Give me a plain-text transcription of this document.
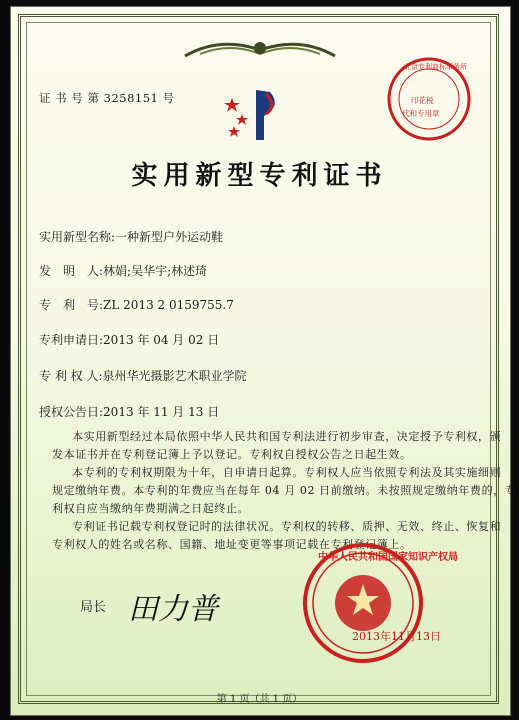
证 书 号 第 3258151 号
北京专利商标事务所
印花税
代和专用章
实用新型专利证书
实用新型名称:一种新型户外运动鞋
发　明　人:林娟;吴华宇;林述琦
专　利　号:ZL 2013 2 0159755.7
专利申请日:2013 年 04 月 02 日
专 利 权 人:泉州华光摄影艺术职业学院
授权公告日:2013 年 11 月 13 日
本实用新型经过本局依照中华人民共和国专利法进行初步审查，决定授予专利权，颁
发本证书并在专利登记簿上予以登记。专利权自授权公告之日起生效。
本专利的专利权期限为十年，自申请日起算。专利权人应当依照专利法及其实施细则
规定缴纳年费。本专利的年费应当在每年 04 月 02 日前缴纳。未按照规定缴纳年费的，专
利权自应当缴纳年费期满之日起终止。
专利证书记载专利权登记时的法律状况。专利权的转移、质押、无效、终止、恢复和
专利权人的姓名或名称、国籍、地址变更等事项记载在专利登记簿上。
中华人民共和国国家知识产权局
2013年11月13日
局长 田力普
第 1 页（共 1 页）
